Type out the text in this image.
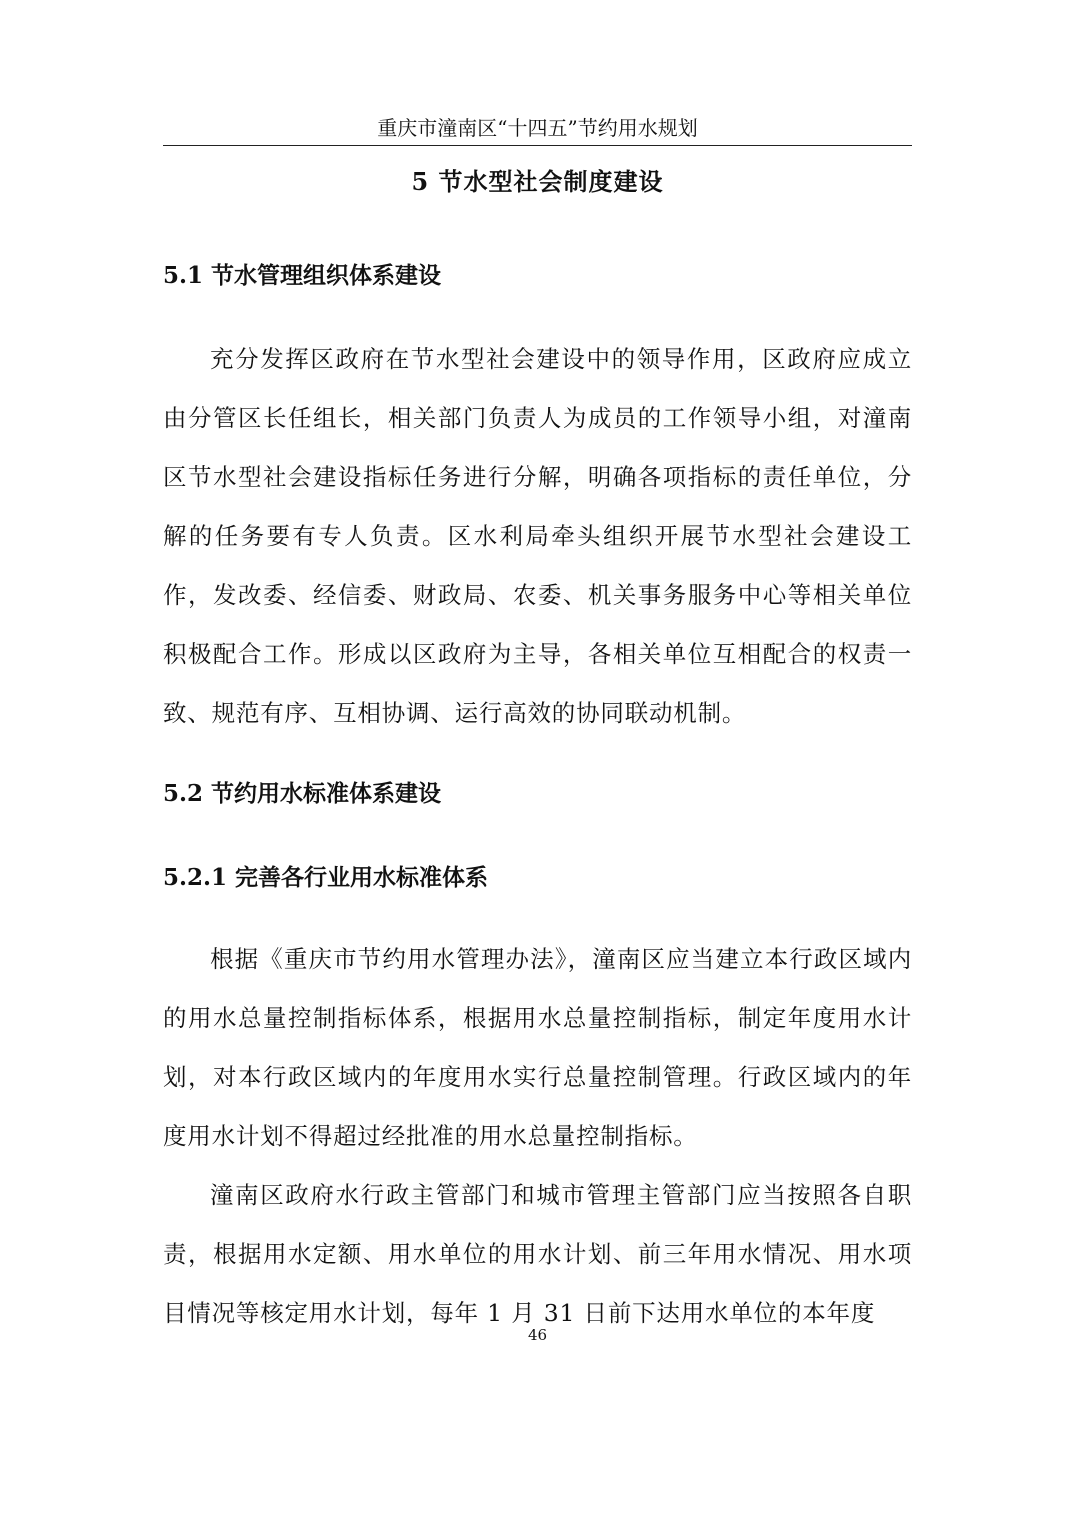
重庆市潼南区“十四五”节约用水规划
5 节水型社会制度建设
5.1 节水管理组织体系建设

充分发挥区政府在节水型社会建设中的领导作用，区政府应成立由分管区长任组长，相关部门负责人为成员的工作领导小组，对潼南区节水型社会建设指标任务进行分解，明确各项指标的责任单位，分解的任务要有专人负责。区水利局牵头组织开展节水型社会建设工作，发改委、经信委、财政局、农委、机关事务服务中心等相关单位积极配合工作。形成以区政府为主导，各相关单位互相配合的权责一致、规范有序、互相协调、运行高效的协同联动机制。

5.2 节约用水标准体系建设
5.2.1 完善各行业用水标准体系

根据《重庆市节约用水管理办法》，潼南区应当建立本行政区域内的用水总量控制指标体系，根据用水总量控制指标，制定年度用水计划，对本行政区域内的年度用水实行总量控制管理。行政区域内的年度用水计划不得超过经批准的用水总量控制指标。

潼南区政府水行政主管部门和城市管理主管部门应当按照各自职责，根据用水定额、用水单位的用水计划、前三年用水情况、用水项目情况等核定用水计划，每年 1 月 31 日前下达用水单位的本年度

46
